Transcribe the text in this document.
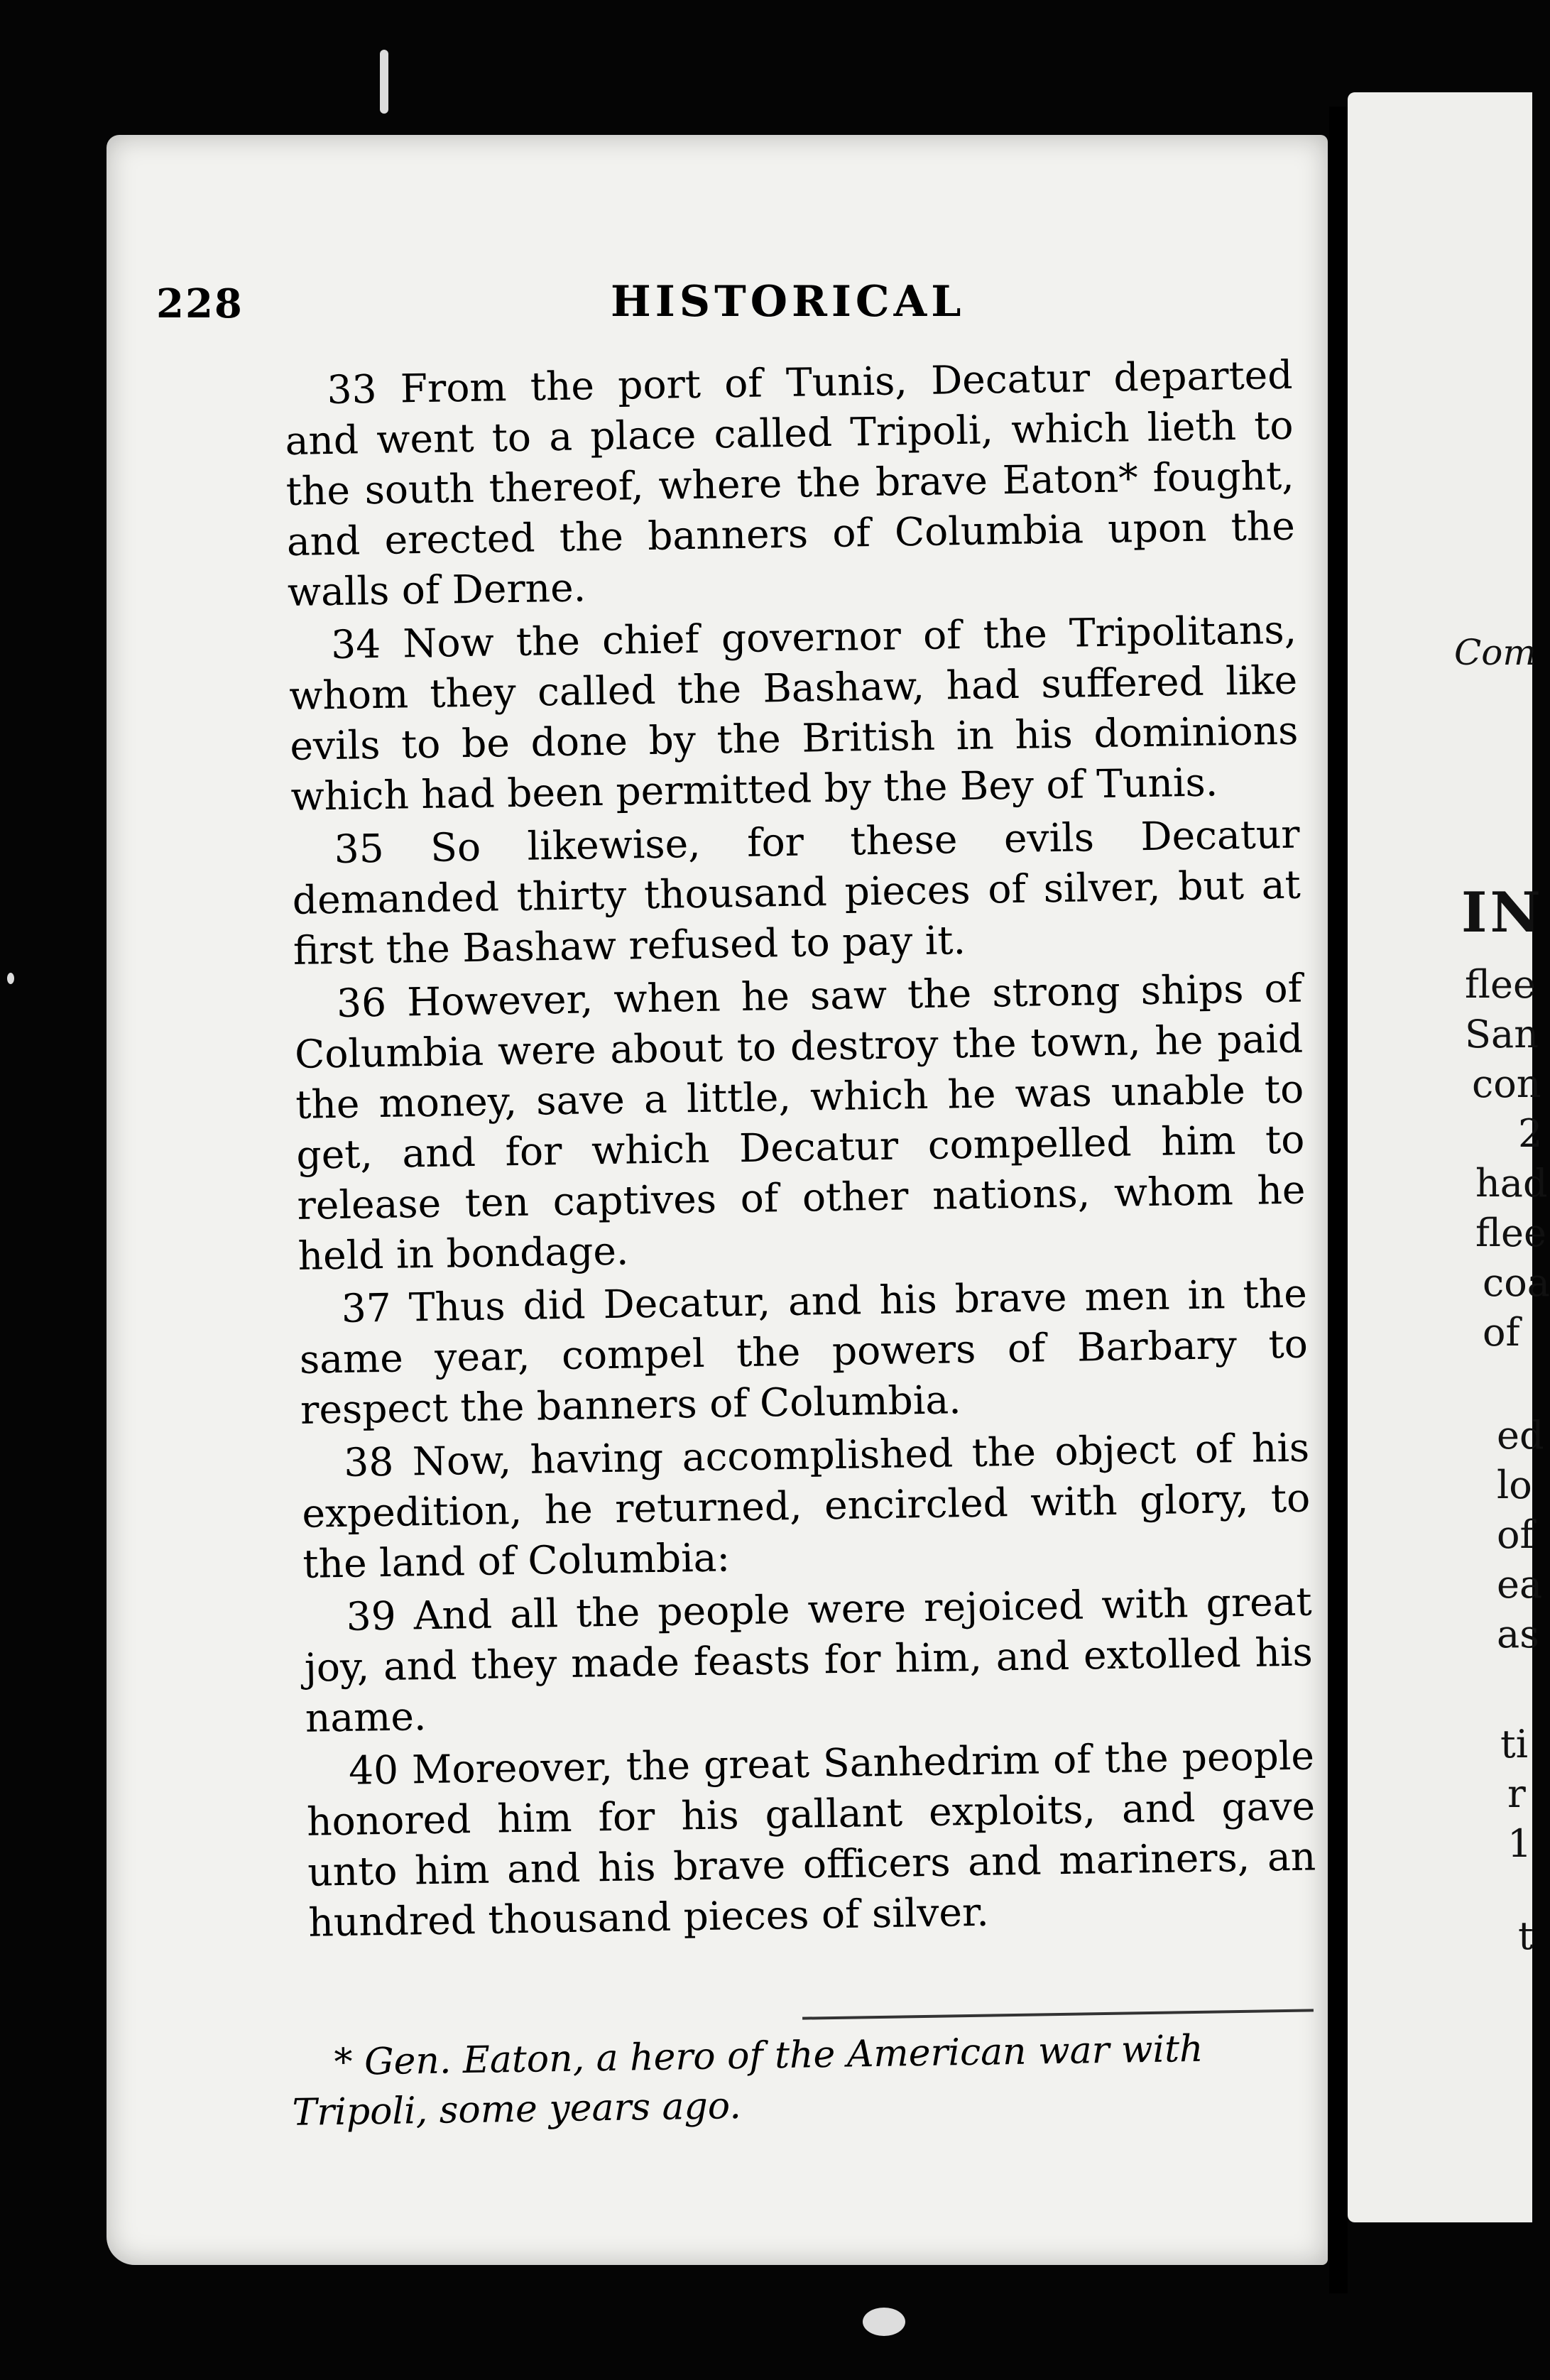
228	HISTORICAL

33 From the port of Tunis, Decatur departed and went to a place called Tripoli, which lieth to the south thereof, where the brave Eaton* fought, and erected the banners of Columbia upon the walls of Derne.

34 Now the chief governor of the Tripolitans, whom they called the Bashaw, had suffered like evils to be done by the British in his dominions which had been permitted by the Bey of Tunis.

35 So likewise, for these evils Decatur demanded thirty thousand pieces of silver, but at first the Bashaw refused to pay it.

36 However, when he saw the strong ships of Columbia were about to destroy the town, he paid the money, save a little, which he was unable to get, and for which Decatur compelled him to release ten captives of other nations, whom he held in bondage.

37 Thus did Decatur, and his brave men in the same year, compel the powers of Barbary to respect the banners of Columbia.

38 Now, having accomplished the object of his expedition, he returned, encircled with glory, to the land of Columbia:

39 And all the people were rejoiced with great joy, and they made feasts for him, and extolled his name.

40 Moreover, the great Sanhedrim of the people honored him for his gallant exploits, and gave unto him and his brave officers and mariners, an hundred thousand pieces of silver.

* Gen. Eaton, a hero of the American war with
Tripoli, some years ago.
Com
IN
flee
San
con
2
had
flee
coa
of
ed
lo
of
ea
as
ti
r
1
t
